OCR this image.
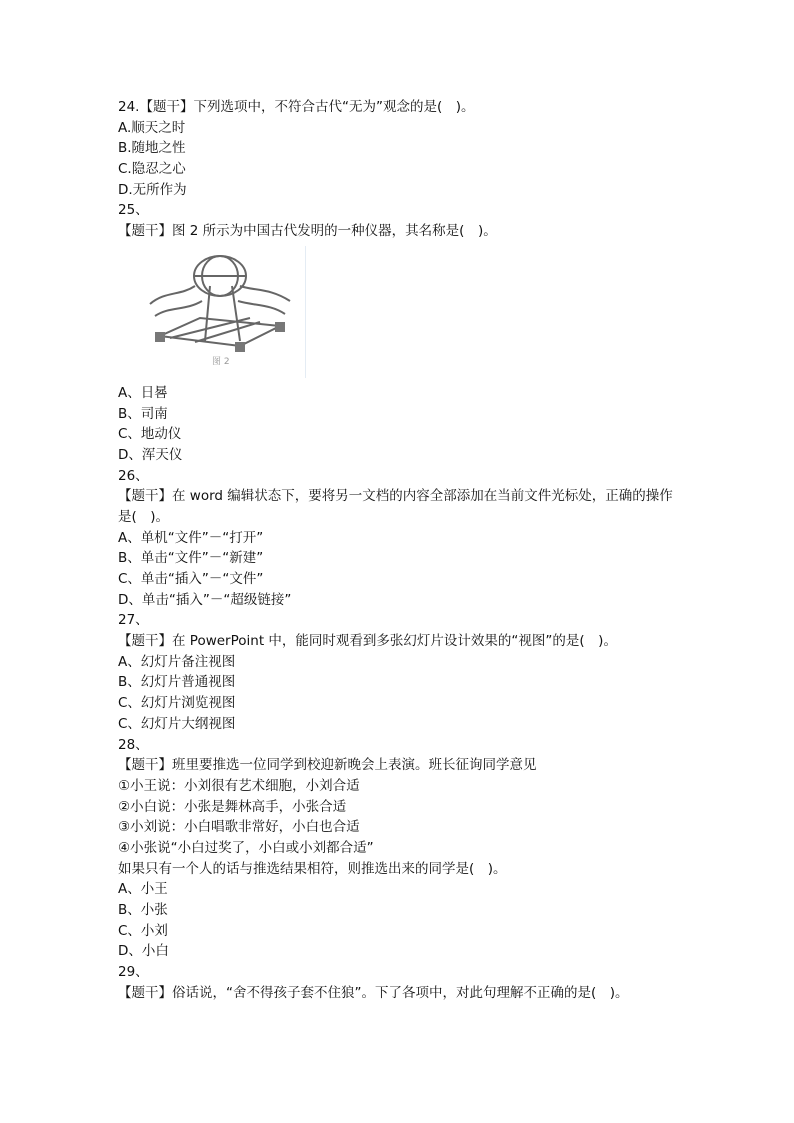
24.【题干】下列选项中，不符合古代“无为”观念的是(　)。
A.顺天之时
B.随地之性
C.隐忍之心
D.无所作为
25、
【题干】图 2 所示为中国古代发明的一种仪器，其名称是(　)。
图 2
A、日晷
B、司南
C、地动仪
D、浑天仪
26、
【题干】在 word 编辑状态下，要将另一文档的内容全部添加在当前文件光标处，正确的操作是(　)。
A、单机“文件”－“打开”
B、单击“文件”－“新建”
C、单击“插入”－“文件”
D、单击“插入”－“超级链接”
27、
【题干】在 PowerPoint 中，能同时观看到多张幻灯片设计效果的“视图”的是(　)。
A、幻灯片备注视图
B、幻灯片普通视图
C、幻灯片浏览视图
C、幻灯片大纲视图
28、
【题干】班里要推选一位同学到校迎新晚会上表演。班长征询同学意见
①小王说：小刘很有艺术细胞，小刘合适
②小白说：小张是舞林高手，小张合适
③小刘说：小白唱歌非常好，小白也合适
④小张说“小白过奖了，小白或小刘都合适”
如果只有一个人的话与推选结果相符，则推选出来的同学是(　)。
A、小王
B、小张
C、小刘
D、小白
29、
【题干】俗话说，“舍不得孩子套不住狼”。下了各项中，对此句理解不正确的是(　)。
